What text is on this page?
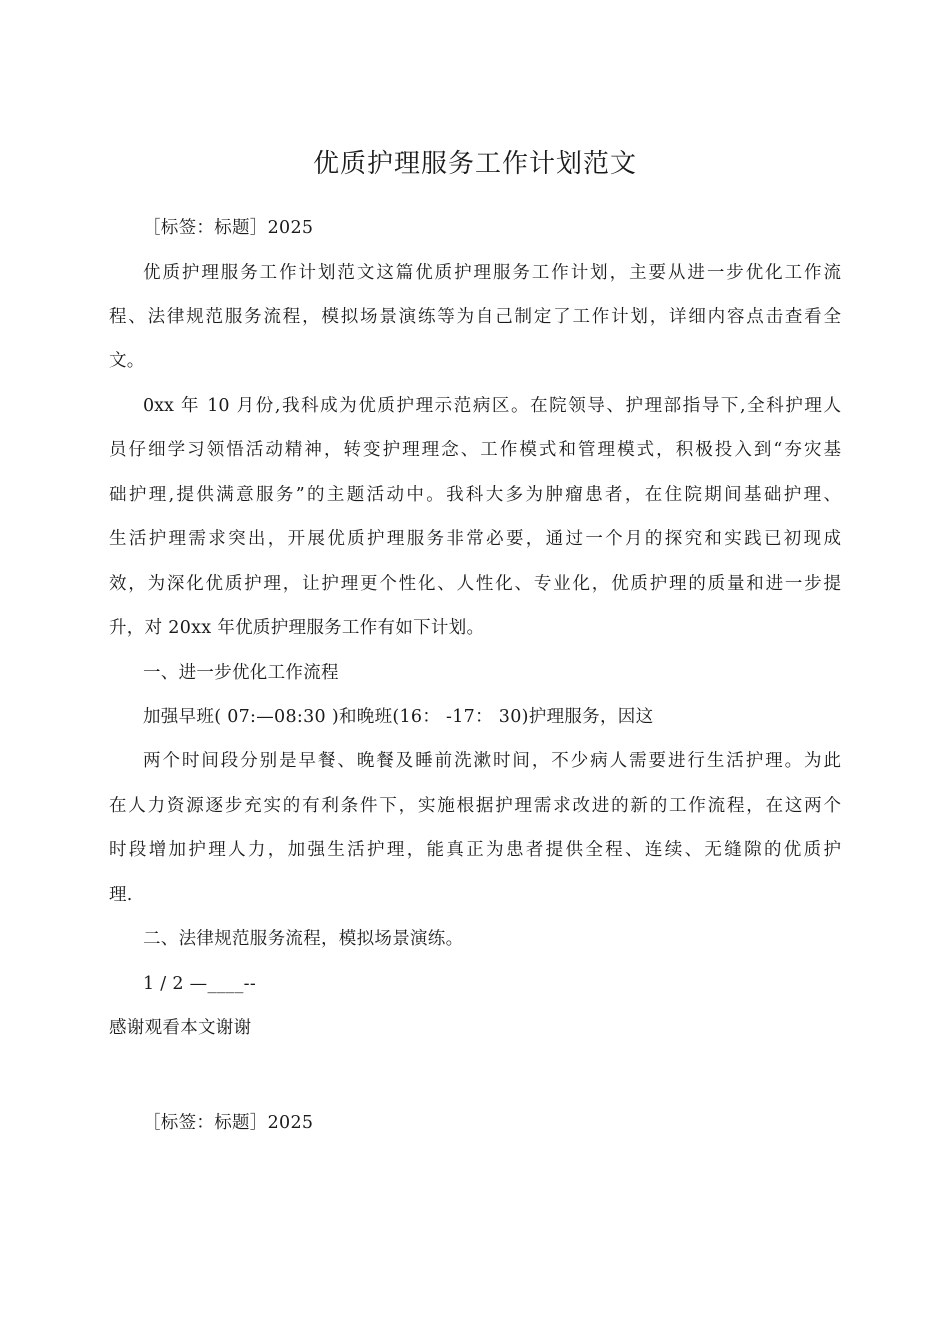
优质护理服务工作计划范文
［标签：标题］2025
优质护理服务工作计划范文这篇优质护理服务工作计划，主要从进一步优化工作流
程、法律规范服务流程，模拟场景演练等为自己制定了工作计划，详细内容点击查看全
文。
0xx 年 10 月份,我科成为优质护理示范病区。在院领导、护理部指导下,全科护理人
员仔细学习领悟活动精神，转变护理理念、工作模式和管理模式，积极投入到“夯灾基
础护理,提供满意服务”的主题活动中。我科大多为肿瘤患者，在住院期间基础护理、
生活护理需求突出，开展优质护理服务非常必要，通过一个月的探究和实践已初现成
效，为深化优质护理，让护理更个性化、人性化、专业化，优质护理的质量和进一步提
升，对 20xx 年优质护理服务工作有如下计划。
一、进一步优化工作流程
加强早班( 07:—08:30 )和晚班(16： -17： 30)护理服务，因这
两个时间段分别是早餐、晚餐及睡前洗漱时间，不少病人需要进行生活护理。为此
在人力资源逐步充实的有利条件下，实施根据护理需求改进的新的工作流程，在这两个
时段增加护理人力，加强生活护理，能真正为患者提供全程、连续、无缝隙的优质护
理.
二、法律规范服务流程，模拟场景演练。
1 / 2 —____--
感谢观看本文谢谢
［标签：标题］2025
